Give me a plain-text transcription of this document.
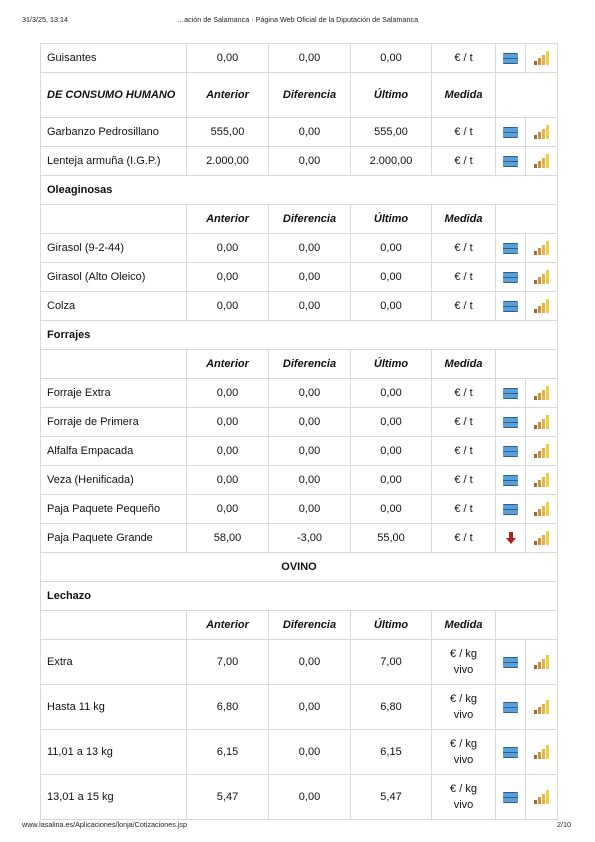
31/3/25, 13:14	…ación de Salamanca · Página Web Oficial de la Diputación de Salamanca
Guisantes	0,00	0,00	0,00	€ / t		

DE CONSUMO HUMANO	Anterior	Diferencia	Último	Medida		
Garbanzo Pedrosillano	555,00	0,00	555,00	€ / t		

Lenteja armuña (I.G.P.)	2.000,00	0,00	2.000,00	€ / t		

Oleaginosas						
	Anterior	Diferencia	Último	Medida		
Girasol (9-2-44)	0,00	0,00	0,00	€ / t		

Girasol (Alto Oleico)	0,00	0,00	0,00	€ / t		

Colza	0,00	0,00	0,00	€ / t		

Forrajes						
	Anterior	Diferencia	Último	Medida		
Forraje Extra	0,00	0,00	0,00	€ / t		

Forraje de Primera	0,00	0,00	0,00	€ / t		

Alfalfa Empacada	0,00	0,00	0,00	€ / t		

Veza (Henificada)	0,00	0,00	0,00	€ / t		

Paja Paquete Pequeño	0,00	0,00	0,00	€ / t		

Paja Paquete Grande	58,00	-3,00	55,00	€ / t		

OVINO						
Lechazo						
	Anterior	Diferencia	Último	Medida		
Extra	7,00	0,00	7,00	€ / kg
vivo		

Hasta 11 kg	6,80	0,00	6,80	€ / kg
vivo		

11,01 a 13 kg	6,15	0,00	6,15	€ / kg
vivo		

13,01 a 15 kg	5,47	0,00	5,47	€ / kg
vivo		
www.lasalina.es/Aplicaciones/lonja/Cotizaciones.jsp	2/10
